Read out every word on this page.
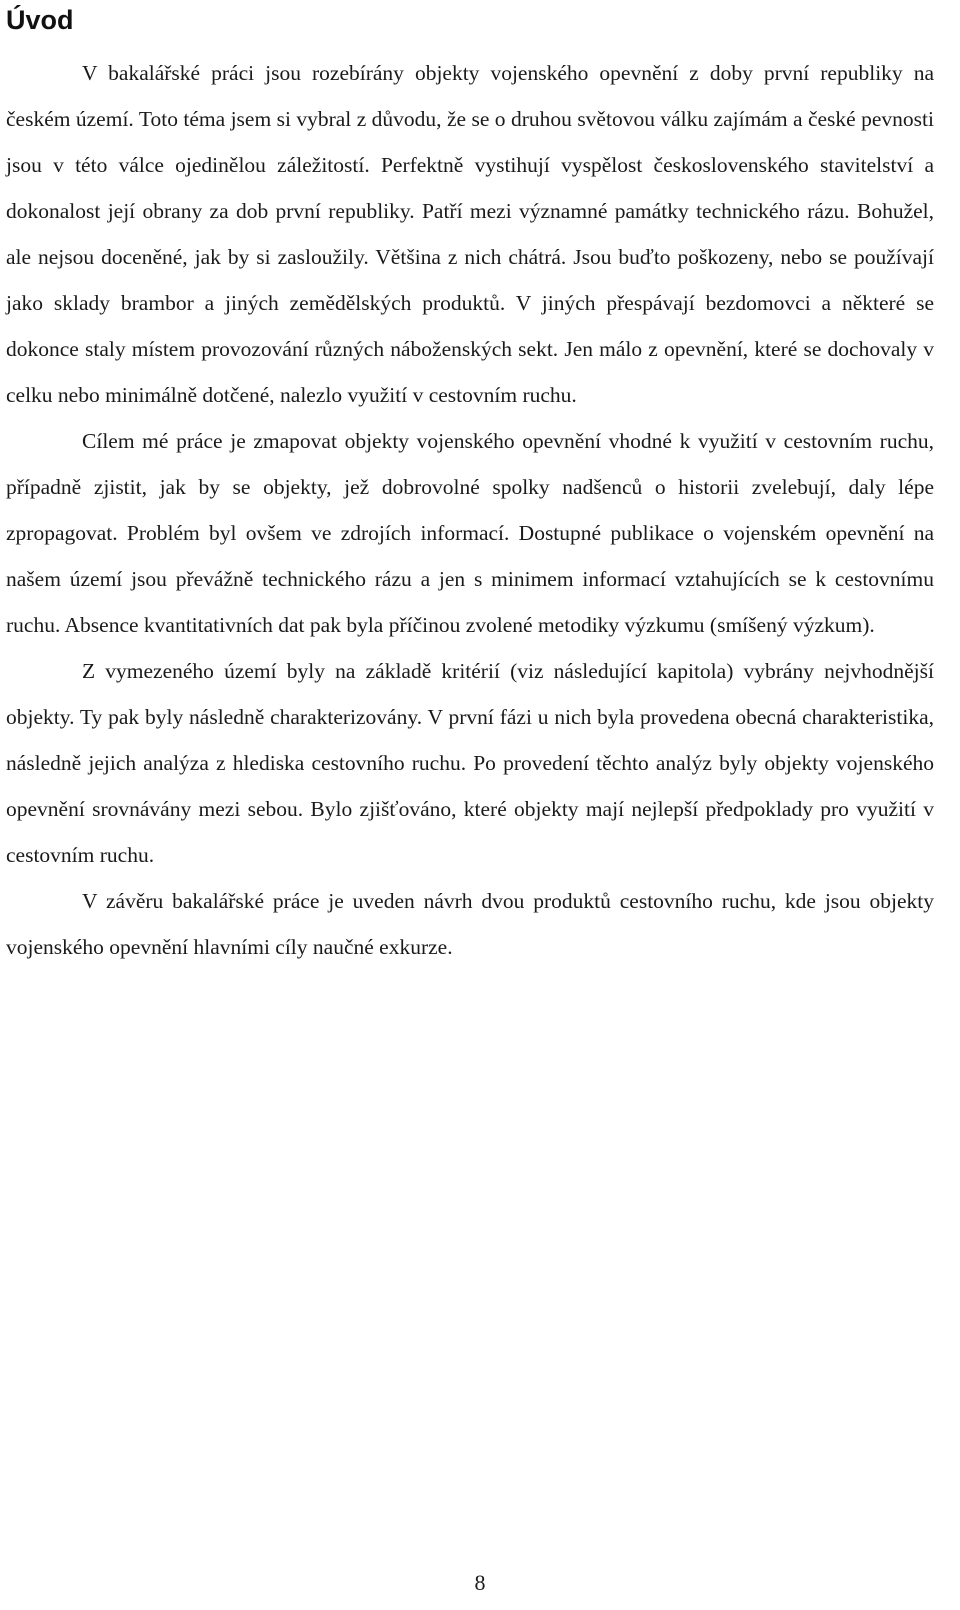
Úvod

V bakalářské práci jsou rozebírány objekty vojenského opevnění z doby první republiky na českém území. Toto téma jsem si vybral z důvodu, že se o druhou světovou válku zajímám a české pevnosti jsou v této válce ojedinělou záležitostí. Perfektně vystihují vyspělost československého stavitelství a dokonalost její obrany za dob první republiky. Patří mezi významné památky technického rázu. Bohužel, ale nejsou doceněné, jak by si zasloužily. Většina z nich chátrá. Jsou buďto poškozeny, nebo se používají jako sklady brambor a jiných zemědělských produktů. V jiných přespávají bezdomovci a některé se dokonce staly místem provozování různých náboženských sekt. Jen málo z opevnění, které se dochovaly v celku nebo minimálně dotčené, nalezlo využití v cestovním ruchu.

Cílem mé práce je zmapovat objekty vojenského opevnění vhodné k využití v cestovním ruchu, případně zjistit, jak by se objekty, jež dobrovolné spolky nadšenců o historii zvelebují, daly lépe zpropagovat. Problém byl ovšem ve zdrojích informací. Dostupné publikace o vojenském opevnění na našem území jsou převážně technického rázu a jen s minimem informací vztahujících se k cestovnímu ruchu. Absence kvantitativních dat pak byla příčinou zvolené metodiky výzkumu (smíšený výzkum).

Z vymezeného území byly na základě kritérií (viz následující kapitola) vybrány nejvhodnější objekty. Ty pak byly následně charakterizovány. V první fázi u nich byla provedena obecná charakteristika, následně jejich analýza z hlediska cestovního ruchu. Po provedení těchto analýz byly objekty vojenského opevnění srovnávány mezi sebou. Bylo zjišťováno, které objekty mají nejlepší předpoklady pro využití v cestovním ruchu.

V závěru bakalářské práce je uveden návrh dvou produktů cestovního ruchu, kde jsou objekty vojenského opevnění hlavními cíly naučné exkurze.

8
